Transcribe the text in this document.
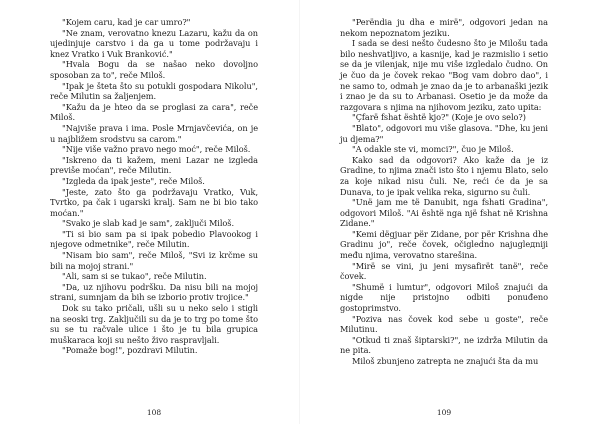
"Kojem caru, kad je car umro?"

"Ne znam, verovatno knezu Lazaru, kažu da on ujedinjuje carstvo i da ga u tome podržavaju i knez Vratko i Vuk Branković."

"Hvala Bogu da se našao neko dovoljno sposoban za to", reče Miloš.

"Ipak je šteta što su potukli gospodara Nikolu", reče Milutin sa žaljenjem.

"Kažu da je hteo da se proglasi za cara", reče Miloš.

"Najviše prava i ima. Posle Mrnjavčevića, on je u najbližem srodstvu sa carom."

"Nije više važno pravo nego moć", reče Miloš.

"Iskreno da ti kažem, meni Lazar ne izgleda previše moćan", reče Milutin.

"Izgleda da ipak jeste", reče Miloš.

"Jeste, zato što ga podržavaju Vratko, Vuk, Tvrtko, pa čak i ugarski kralj. Sam ne bi bio tako moćan."

"Svako je slab kad je sam", zaključi Miloš.

"Ti si bio sam pa si ipak pobedio Plavookog i njegove odmetnike", reče Milutin.

"Nisam bio sam", reče Miloš, "Svi iz krčme su bili na mojoj strani."

"Ali, sam si se tukao", reče Milutin.

"Da, uz njihovu podršku. Da nisu bili na mojoj strani, sumnjam da bih se izborio protiv trojice."

Dok su tako pričali, ušli su u neko selo i stigli na seoski trg. Zaključili su da je to trg po tome što su se tu račvale ulice i što je tu bila grupica muškaraca koji su nešto živo raspravljali.

"Pomaže bog!", pozdravi Milutin.

108

"Perëndia ju dha e mirë", odgovori jedan na nekom nepoznatom jeziku.

I sada se desi nešto čudesno što je Milošu tada bilo neshvatljivo, a kasnije, kad je razmislio i setio se da je vilenjak, nije mu više izgledalo čudno. On je čuo da je čovek rekao "Bog vam dobro dao", i ne samo to, odmah je znao da je to arbanaški jezik i znao je da su to Arbanasi. Osetio je da može da razgovara s njima na njihovom jeziku, zato upita:

"Çfarë fshat është kjo?" (Koje je ovo selo?)

"Blato", odgovori mu više glasova. "Dhe, ku jeni ju djema?"

"A odakle ste vi, momci?", čuo je Miloš.

Kako sad da odgovori? Ako kaže da je iz Gradine, to njima znači isto što i njemu Blato, selo za koje nikad nisu čuli. Ne, reći će da je sa Dunava, to je ipak velika reka, sigurno su čuli.

"Unë jam me të Danubit, nga fshati Gradina", odgovori Miloš. "Ai është nga një fshat në Krishna Zidane."

"Kemi dëgjuar për Zidane, por për Krishna dhe Gradinu jo", reče čovek, očigledno najuglедniji među njima, verovatno starešina.

"Mirë se vini, ju jeni mysafirët tanë", reče čovek.

"Shumë i lumtur", odgovori Miloš znajući da nigde nije pristojno odbiti ponuđeno gostoprimstvo.

"Poziva nas čovek kod sebe u goste", reče Milutinu.

"Otkud ti znaš šiptarski?", ne izdrža Milutin da ne pita.

Miloš zbunjeno zatrepta ne znajući šta da mu

109
